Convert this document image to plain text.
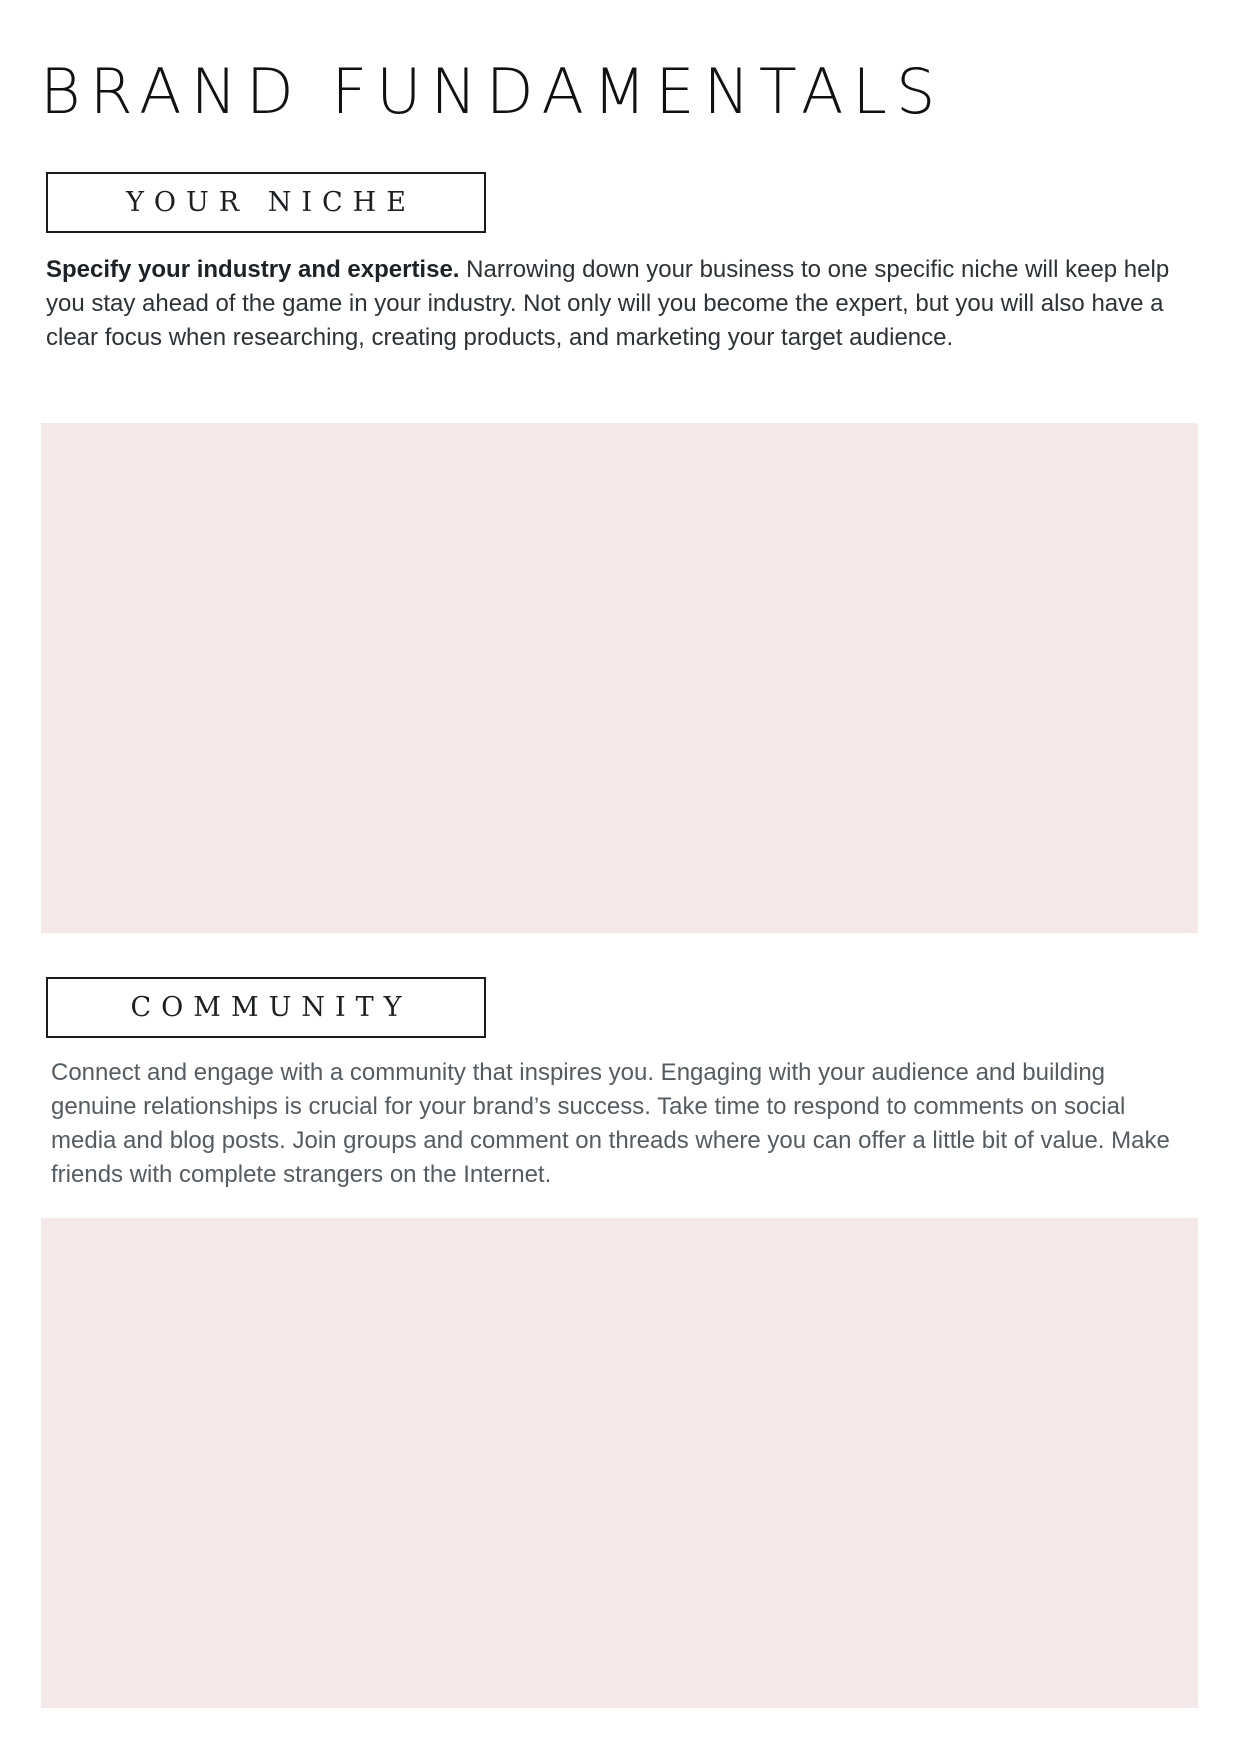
BRAND FUNDAMENTALS
YOUR NICHE

Specify your industry and expertise. Narrowing down your business to one specific niche will keep help you stay ahead of the game in your industry. Not only will you become the expert, but you will also have a clear focus when researching, creating products, and marketing your target audience.

COMMUNITY

Connect and engage with a community that inspires you. Engaging with your audience and building genuine relationships is crucial for your brand’s success. Take time to respond to comments on social media and blog posts. Join groups and comment on threads where you can offer a little bit of value. Make friends with complete strangers on the Internet.
